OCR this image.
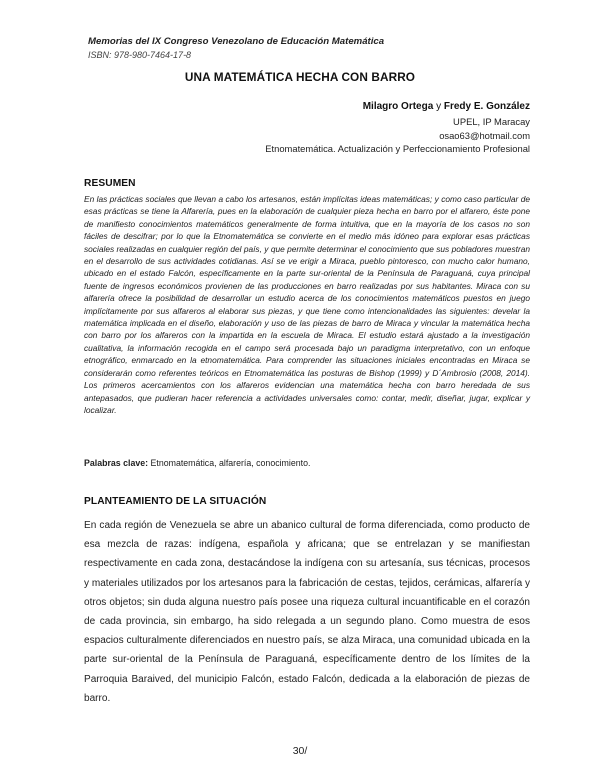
Memorias del IX Congreso Venezolano de Educación Matemática
ISBN: 978-980-7464-17-8
UNA MATEMÁTICA HECHA CON BARRO
Milagro Ortega y Fredy E. González
UPEL, IP Maracay
osao63@hotmail.com
Etnomatemática. Actualización y Perfeccionamiento Profesional
RESUMEN

En las prácticas sociales que llevan a cabo los artesanos, están implícitas ideas matemáticas; y como caso particular de esas prácticas se tiene la Alfarería, pues en la elaboración de cualquier pieza hecha en barro por el alfarero, éste pone de manifiesto conocimientos matemáticos generalmente de forma intuitiva, que en la mayoría de los casos no son fáciles de descifrar; por lo que la Etnomatemática se convierte en el medio más idóneo para explorar esas prácticas sociales realizadas en cualquier región del país, y que permite determinar el conocimiento que sus pobladores muestran en el desarrollo de sus actividades cotidianas. Así se ve erigir a Miraca, pueblo pintoresco, con mucho calor humano, ubicado en el estado Falcón, específicamente en la parte sur-oriental de la Península de Paraguaná, cuya principal fuente de ingresos económicos provienen de las producciones en barro realizadas por sus habitantes. Miraca con su alfarería ofrece la posibilidad de desarrollar un estudio acerca de los conocimientos matemáticos puestos en juego implícitamente por sus alfareros al elaborar sus piezas, y que tiene como intencionalidades las siguientes: develar la matemática implicada en el diseño, elaboración y uso de las piezas de barro de Miraca y vincular la matemática hecha con barro por los alfareros con la impartida en la escuela de Miraca. El estudio estará ajustado a la investigación cualitativa, la información recogida en el campo será procesada bajo un paradigma interpretativo, con un enfoque etnográfico, enmarcado en la etnomatemática. Para comprender las situaciones iniciales encontradas en Miraca se considerarán como referentes teóricos en Etnomatemática las posturas de Bishop (1999) y D´Ambrosio (2008, 2014). Los primeros acercamientos con los alfareros evidencian una matemática hecha con barro heredada de sus antepasados, que pudieran hacer referencia a actividades universales como: contar, medir, diseñar, jugar, explicar y localizar.

Palabras clave: Etnomatemática, alfarería, conocimiento.

PLANTEAMIENTO DE LA SITUACIÓN

En cada región de Venezuela se abre un abanico cultural de forma diferenciada, como producto de esa mezcla de razas: indígena, española y africana; que se entrelazan y se manifiestan respectivamente en cada zona, destacándose la indígena con su artesanía, sus técnicas, procesos y materiales utilizados por los artesanos para la fabricación de cestas, tejidos, cerámicas, alfarería y otros objetos; sin duda alguna nuestro país posee una riqueza cultural incuantificable en el corazón de cada provincia, sin embargo, ha sido relegada a un segundo plano. Como muestra de esos espacios culturalmente diferenciados en nuestro país, se alza Miraca, una comunidad ubicada en la parte sur-oriental de la Península de Paraguaná, específicamente dentro de los límites de la Parroquia Baraived, del municipio Falcón, estado Falcón, dedicada a la elaboración de piezas de barro.

30/
